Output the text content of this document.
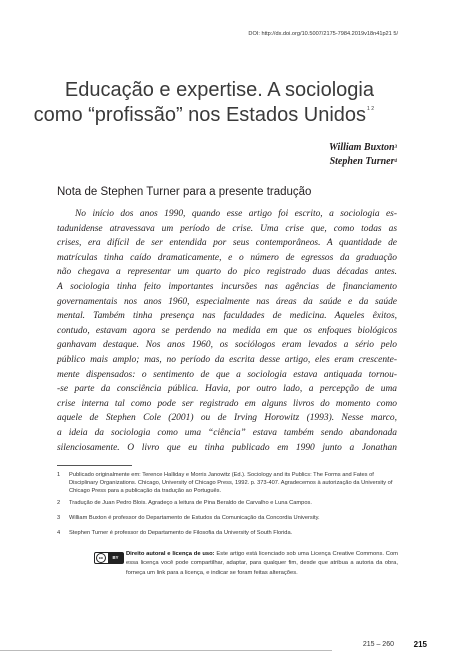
DOI: http://dx.doi.org/10.5007/2175-7984.2019v18n41p21 5/
Educação e expertise. A sociologia
como “profissão” nos Estados Unidos$^{1 2}$
William Buxton$^3$
Stephen Turner$^4$
Nota de Stephen Turner para a presente tradução
No início dos anos 1990, quando esse artigo foi escrito, a sociologia es-
tadunidense atravessava um período de crise. Uma crise que, como todas as
crises, era difícil de ser entendida por seus contemporâneos. A quantidade de
matrículas tinha caído dramaticamente, e o número de egressos da graduação
não chegava a representar um quarto do pico registrado duas décadas antes.
A sociologia tinha feito importantes incursões nas agências de financiamento
governamentais nos anos 1960, especialmente nas áreas da saúde e da saúde
mental. Também tinha presença nas faculdades de medicina. Aqueles êxitos,
contudo, estavam agora se perdendo na medida em que os enfoques biológicos
ganhavam destaque. Nos anos 1960, os sociólogos eram levados a sério pelo
público mais amplo; mas, no período da escrita desse artigo, eles eram crescente-
mente dispensados: o sentimento de que a sociologia estava antiquada tornou-
-se parte da consciência pública. Havia, por outro lado, a percepção de uma
crise interna tal como pode ser registrado em alguns livros do momento como
aquele de Stephen Cole (2001) ou de Irving Horowitz (1993). Nesse marco,
a ideia da sociologia como uma “ciência” estava também sendo abandonada
silenciosamente. O livro que eu tinha publicado em 1990 junto a Jonathan
1 Publicado originalmente em: Terence Halliday e Morris Janowitz (Ed.). Sociology and its Publics: The Forms and Fates of Disciplinary Organizations. Chicago, University of Chicago Press, 1992. p. 373-407. Agradecemos à autorização da University of Chicago Press para a publicação da tradução ao Português.
2 Tradução de Juan Pedro Blois. Agradeço a leitura de Pina Beraldo de Carvalho e Luna Campos.
3 William Buxton é professor do Departamento de Estudos da Comunicação da Concordia University.
4 Stephen Turner é professor do Departamento de Filosofia da University of South Florida.
cc	BY
Direito autoral e licença de uso: Este artigo está licenciado sob uma Licença Creative Commons. Com essa licença você pode compartilhar, adaptar, para qualquer fim, desde que atribua a autoria da obra, forneça um link para a licença, e indicar se foram feitas alterações.
215 – 260 215
